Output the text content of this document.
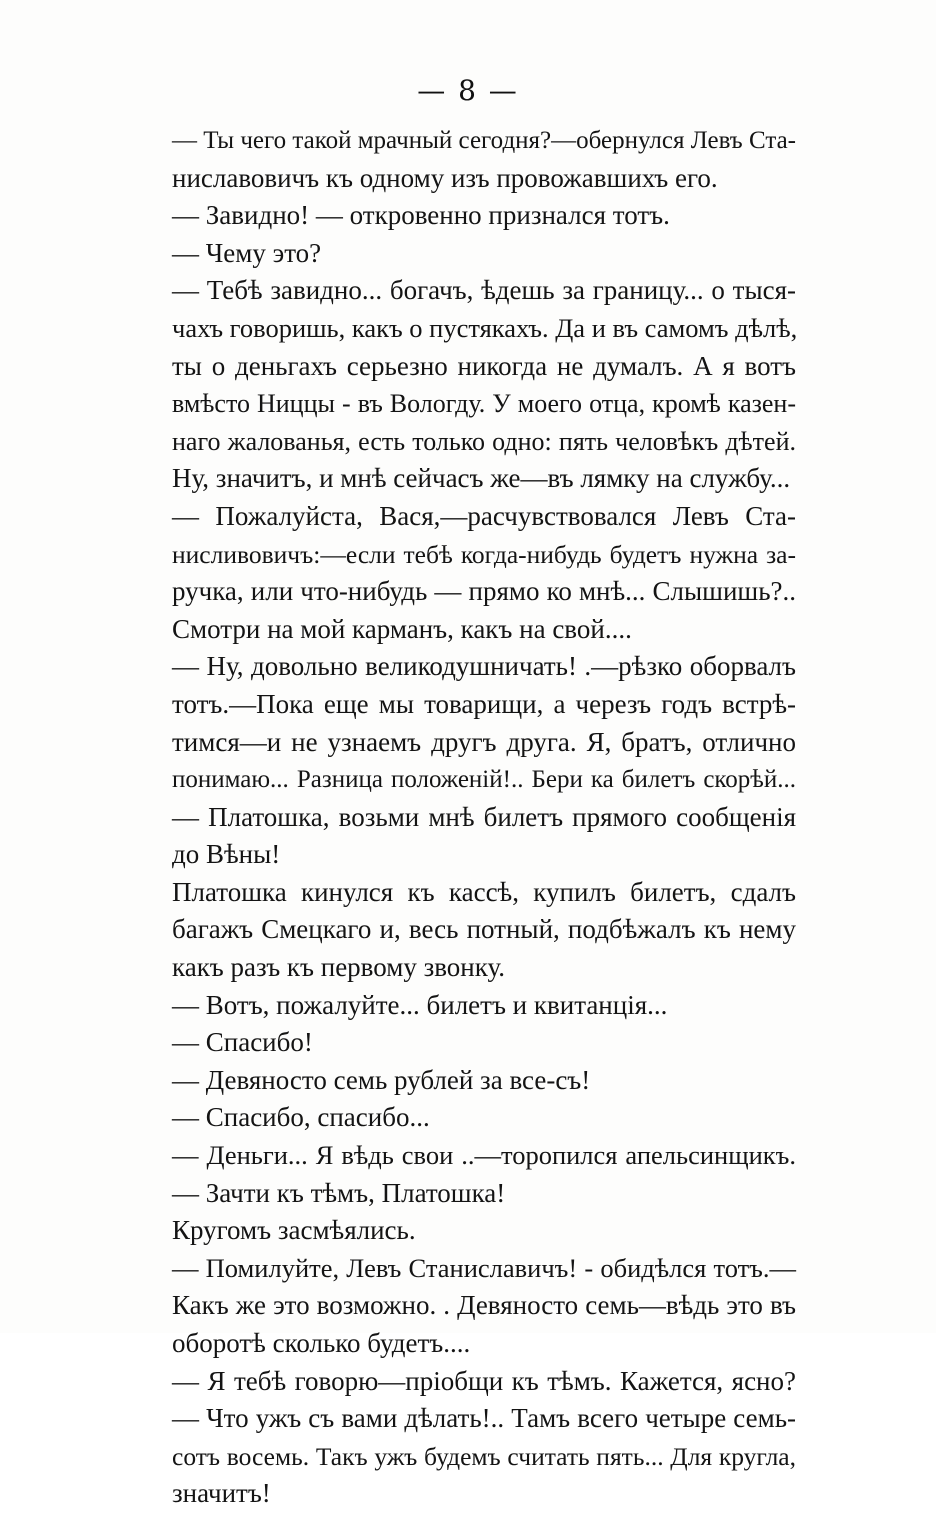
— 8 —
— Ты чего такой мрачный сегодня?—обернулся Левъ Ста-
ниславовичъ къ одному изъ провожавшихъ его.
— Завидно! — откровенно признался тотъ.
— Чему это?
— Тебѣ завидно... богачъ, ѣдешь за границу... о тыся-
чахъ говоришь, какъ о пустякахъ. Да и въ самомъ дѣлѣ,
ты о деньгахъ серьезно никогда не думалъ. А я вотъ
вмѣсто Ниццы - въ Вологду. У моего отца, кромѣ казен-
наго жалованья, есть только одно: пять человѣкъ дѣтей.
Ну, значитъ, и мнѣ сейчасъ же—въ лямку на службу...
— Пожалуйста, Вася,—расчувствовался Левъ Ста-
нисливовичъ:—если тебѣ когда-нибудь будетъ нужна за-
ручка, или что-нибудь — прямо ко мнѣ... Слышишь?..
Смотри на мой карманъ, какъ на свой....
— Ну, довольно великодушничать! .—рѣзко оборвалъ
тотъ.—Пока еще мы товарищи, а черезъ годъ встрѣ-
тимся—и не узнаемъ другъ друга. Я, братъ, отлично
понимаю... Разница положеній!.. Бери ка билетъ скорѣй...
— Платошка, возьми мнѣ билетъ прямого сообщенія
до Вѣны!
Платошка кинулся къ кассѣ, купилъ билетъ, сдалъ
багажъ Смецкаго и, весь потный, подбѣжалъ къ нему
какъ разъ къ первому звонку.
— Вотъ, пожалуйте... билетъ и квитанція...
— Спасибо!
— Девяносто семь рублей за все-съ!
— Спасибо, спасибо...
— Деньги... Я вѣдь свои ..—торопился апельсинщикъ.
— Зачти къ тѣмъ, Платошка!
Кругомъ засмѣялись.
— Помилуйте, Левъ Станиславичъ! - обидѣлся тотъ.—
Какъ же это возможно. . Девяносто семь—вѣдь это въ
оборотѣ сколько будетъ....
— Я тебѣ говорю—пріобщи къ тѣмъ. Кажется, ясно?
— Что ужъ съ вами дѣлать!.. Тамъ всего четыре семь-
сотъ восемь. Такъ ужъ будемъ считать пять... Для кругла,
значитъ!
